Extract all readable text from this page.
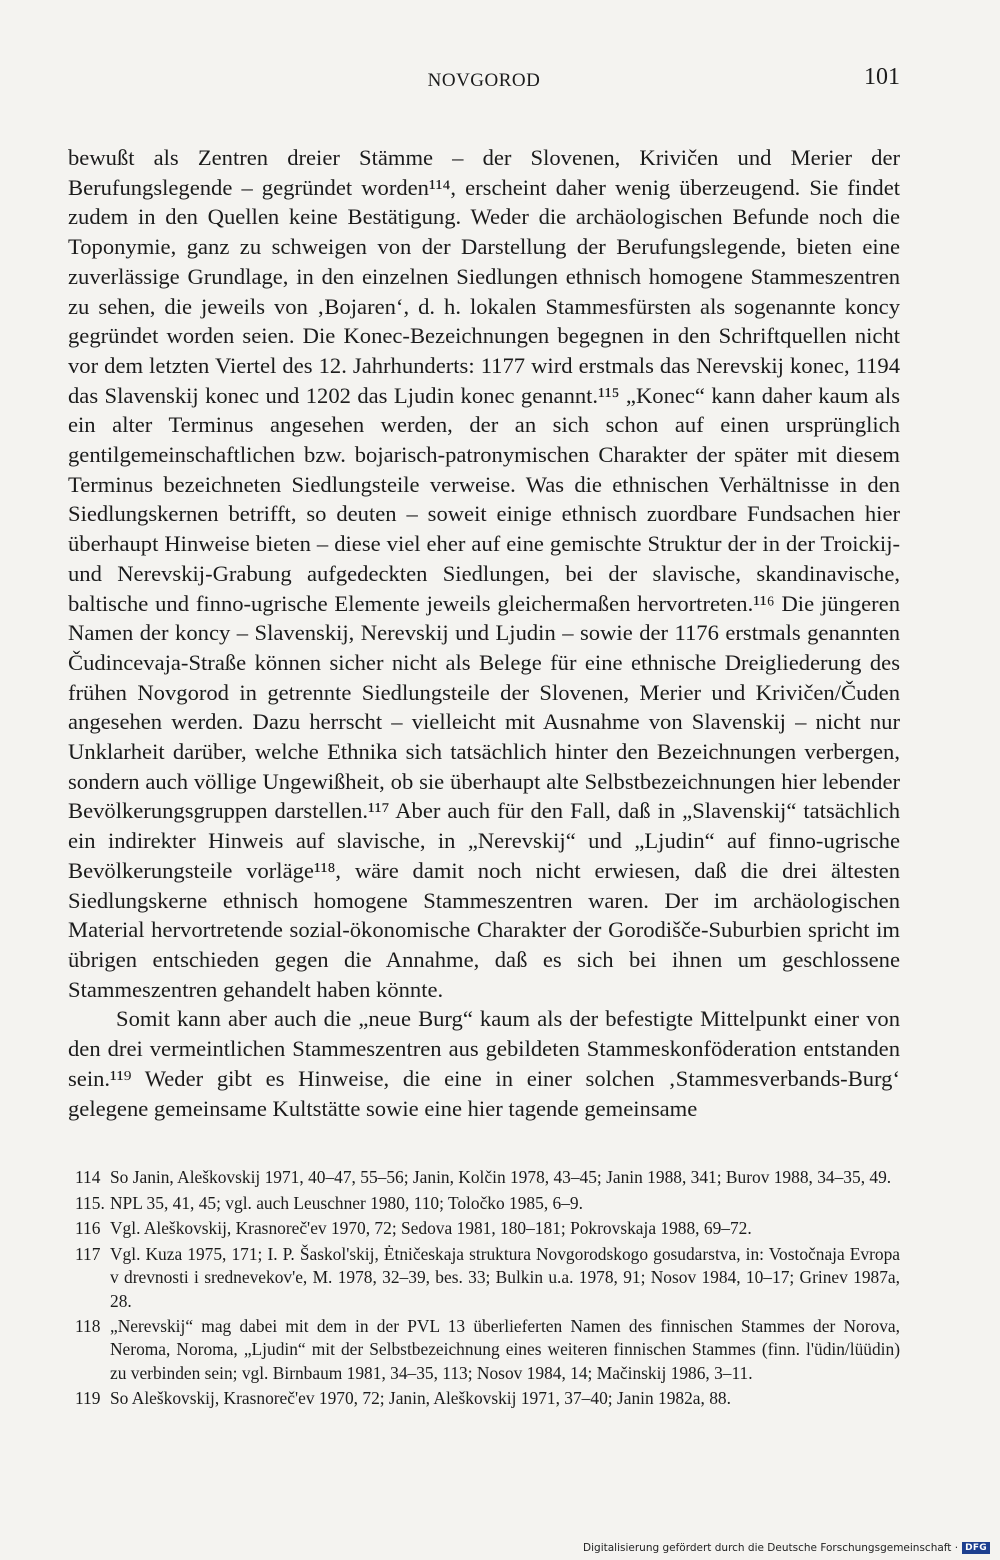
NOVGOROD	101

bewußt als Zentren dreier Stämme – der Slovenen, Krivičen und Merier der Berufungslegende – gegründet worden¹¹⁴, erscheint daher wenig überzeugend. Sie findet zudem in den Quellen keine Bestätigung. Weder die archäologischen Befunde noch die Toponymie, ganz zu schweigen von der Darstellung der Berufungslegende, bieten eine zuverlässige Grundlage, in den einzelnen Siedlungen ethnisch homogene Stammeszentren zu sehen, die jeweils von ‚Bojaren‘, d. h. lokalen Stammesfürsten als sogenannte koncy gegründet worden seien. Die Konec-Bezeichnungen begegnen in den Schriftquellen nicht vor dem letzten Viertel des 12. Jahrhunderts: 1177 wird erstmals das Nerevskij konec, 1194 das Slavenskij konec und 1202 das Ljudin konec genannt.¹¹⁵ „Konec“ kann daher kaum als ein alter Terminus angesehen werden, der an sich schon auf einen ursprünglich gentilgemeinschaftlichen bzw. bojarisch-patronymischen Charakter der später mit diesem Terminus bezeichneten Siedlungsteile verweise. Was die ethnischen Verhältnisse in den Siedlungskernen betrifft, so deuten – soweit einige ethnisch zuordbare Fundsachen hier überhaupt Hinweise bieten – diese viel eher auf eine gemischte Struktur der in der Troickij- und Nerevskij-Grabung aufgedeckten Siedlungen, bei der slavische, skandinavische, baltische und finno-ugrische Elemente jeweils gleichermaßen hervortreten.¹¹⁶ Die jüngeren Namen der koncy – Slavenskij, Nerevskij und Ljudin – sowie der 1176 erstmals genannten Čudincevaja-Straße können sicher nicht als Belege für eine ethnische Dreigliederung des frühen Novgorod in getrennte Siedlungsteile der Slovenen, Merier und Krivičen/Čuden angesehen werden. Dazu herrscht – vielleicht mit Ausnahme von Slavenskij – nicht nur Unklarheit darüber, welche Ethnika sich tatsächlich hinter den Bezeichnungen verbergen, sondern auch völlige Ungewißheit, ob sie überhaupt alte Selbstbezeichnungen hier lebender Bevölkerungsgruppen darstellen.¹¹⁷ Aber auch für den Fall, daß in „Slavenskij“ tatsächlich ein indirekter Hinweis auf slavische, in „Nerevskij“ und „Ljudin“ auf finno-ugrische Bevölkerungsteile vorläge¹¹⁸, wäre damit noch nicht erwiesen, daß die drei ältesten Siedlungskerne ethnisch homogene Stammeszentren waren. Der im archäologischen Material hervortretende sozial-ökonomische Charakter der Gorodišče-Suburbien spricht im übrigen entschieden gegen die Annahme, daß es sich bei ihnen um geschlossene Stammeszentren gehandelt haben könnte.

Somit kann aber auch die „neue Burg“ kaum als der befestigte Mittelpunkt einer von den drei vermeintlichen Stammeszentren aus gebildeten Stammeskonföderation entstanden sein.¹¹⁹ Weder gibt es Hinweise, die eine in einer solchen ‚Stammesverbands-Burg‘ gelegene gemeinsame Kultstätte sowie eine hier tagende gemeinsame

114 So Janin, Aleškovskij 1971, 40–47, 55–56; Janin, Kolčin 1978, 43–45; Janin 1988, 341; Burov 1988, 34–35, 49.
115. NPL 35, 41, 45; vgl. auch Leuschner 1980, 110; Toločko 1985, 6–9.
116 Vgl. Aleškovskij, Krasnoreč'ev 1970, 72; Sedova 1981, 180–181; Pokrovskaja 1988, 69–72.
117 Vgl. Kuza 1975, 171; I. P. Šaskol'skij, Ėtničeskaja struktura Novgorodskogo gosudarstva, in: Vostočnaja Evropa v drevnosti i srednevekov'e, M. 1978, 32–39, bes. 33; Bulkin u.a. 1978, 91; Nosov 1984, 10–17; Grinev 1987a, 28.
118 „Nerevskij“ mag dabei mit dem in der PVL 13 überlieferten Namen des finnischen Stammes der Norova, Neroma, Noroma, „Ljudin“ mit der Selbstbezeichnung eines weiteren finnischen Stammes (finn. l'üdin/lüüdin) zu verbinden sein; vgl. Birnbaum 1981, 34–35, 113; Nosov 1984, 14; Mačinskij 1986, 3–11.
119 So Aleškovskij, Krasnoreč'ev 1970, 72; Janin, Aleškovskij 1971, 37–40; Janin 1982a, 88.
Digitalisierung gefördert durch die Deutsche Forschungsgemeinschaft · DFG
